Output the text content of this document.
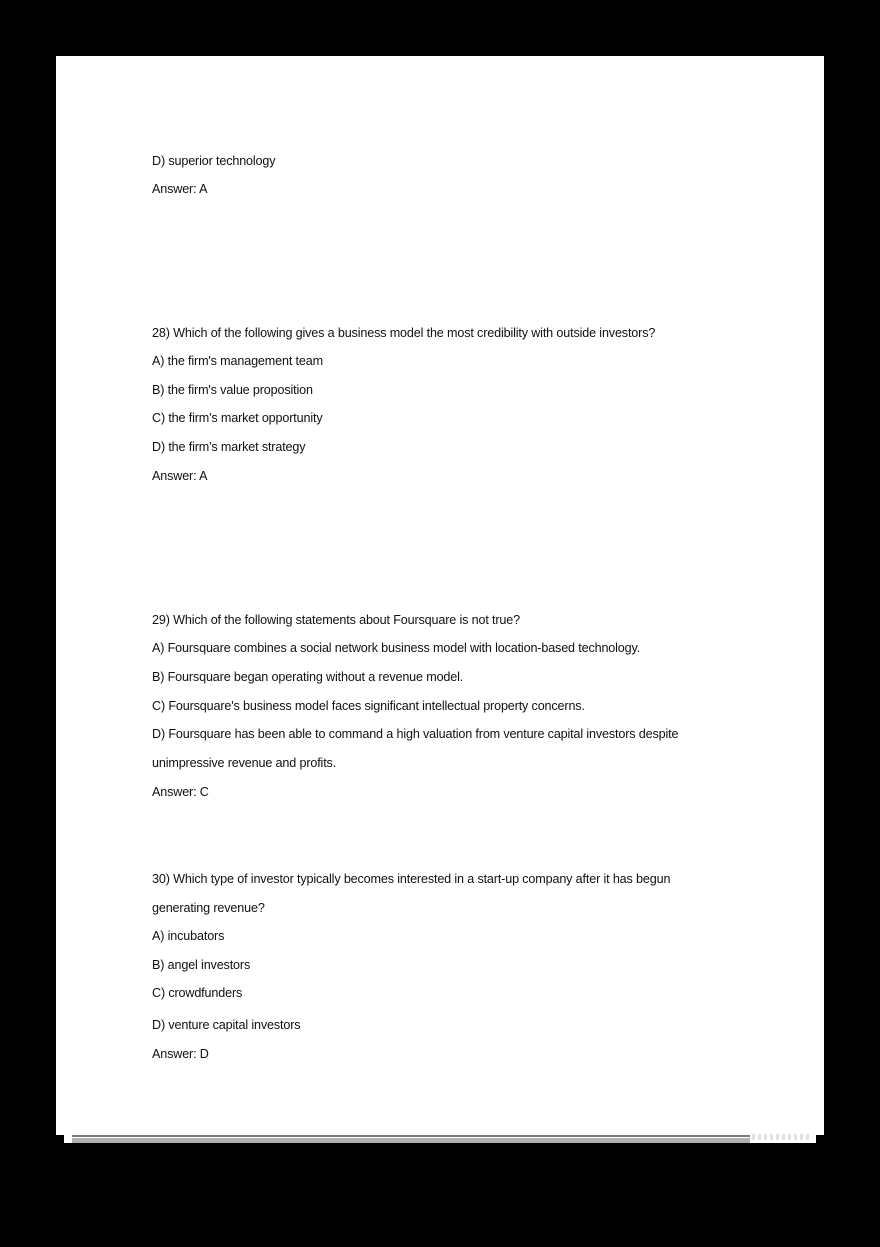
D) superior technology
Answer: A
28) Which of the following gives a business model the most credibility with outside investors?
A) the firm's management team
B) the firm's value proposition
C) the firm's market opportunity
D) the firm's market strategy
Answer: A
29) Which of the following statements about Foursquare is not true?
A) Foursquare combines a social network business model with location-based technology.
B) Foursquare began operating without a revenue model.
C) Foursquare's business model faces significant intellectual property concerns.
D) Foursquare has been able to command a high valuation from venture capital investors despite
unimpressive revenue and profits.
Answer: C
30) Which type of investor typically becomes interested in a start-up company after it has begun
generating revenue?
A) incubators
B) angel investors
C) crowdfunders
D) venture capital investors
Answer: D
